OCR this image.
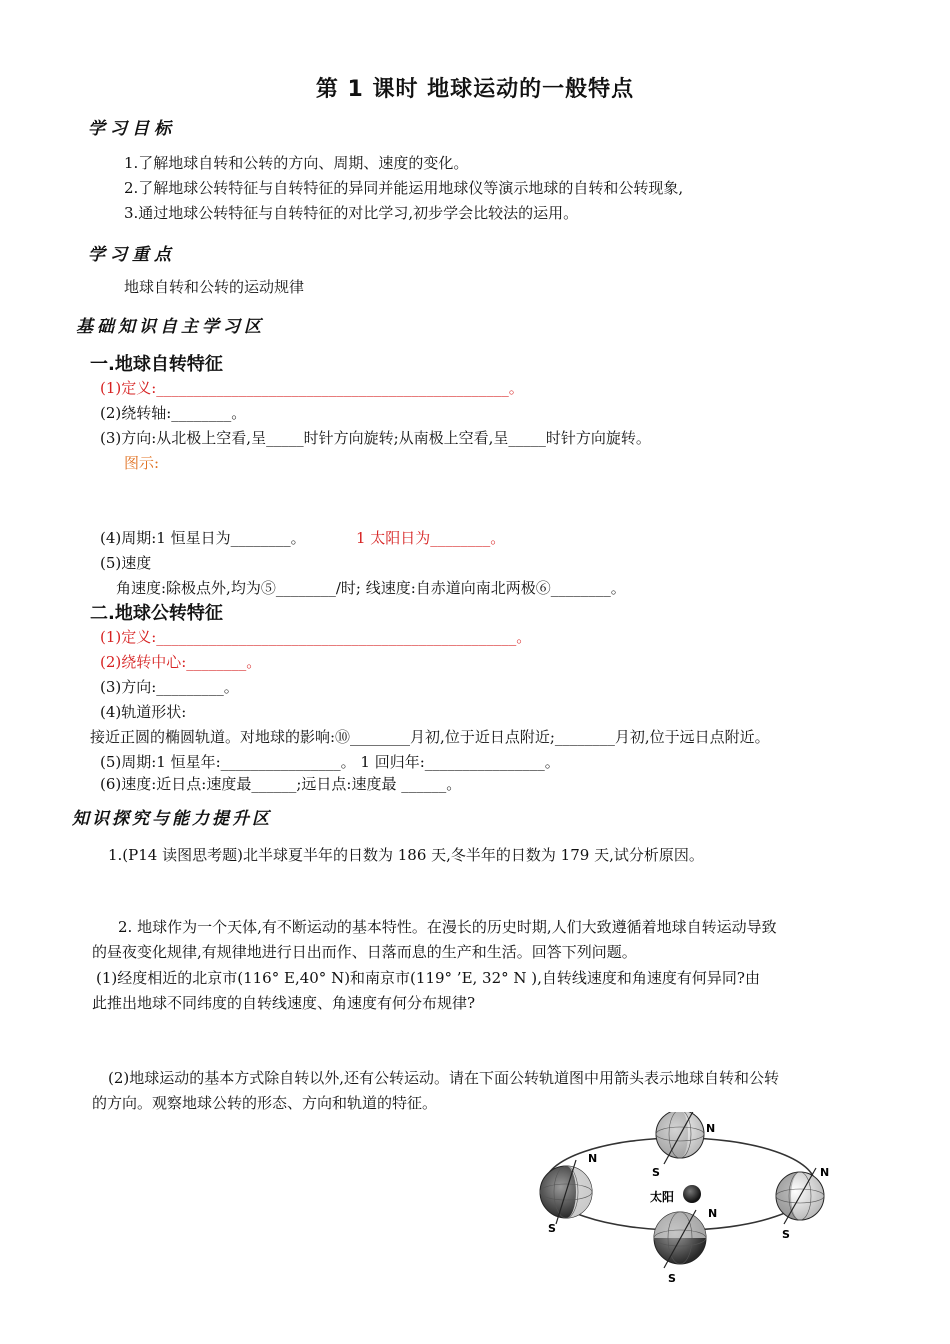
第 1 课时 地球运动的一般特点
学习目标
1.了解地球自转和公转的方向、周期、速度的变化。
2.了解地球公转特征与自转特征的异同并能运用地球仪等演示地球的自转和公转现象,
3.通过地球公转特征与自转特征的对比学习,初步学会比较法的运用。
学习重点
地球自转和公转的运动规律
基础知识自主学习区
一.地球自转特征
(1)定义:_______________________________________________。
(2)绕转轴:________。
(3)方向:从北极上空看,呈_____时针方向旋转;从南极上空看,呈_____时针方向旋转。
图示:
(4)周期:1 恒星日为________。	1 太阳日为________。
(5)速度
角速度:除极点外,均为⑤________/时; 线速度:自赤道向南北两极⑥________。
二.地球公转特征
(1)定义:________________________________________________。
(2)绕转中心:________。
(3)方向:_________。
(4)轨道形状:
接近正圆的椭圆轨道。对地球的影响:⑩________月初,位于近日点附近;________月初,位于远日点附近。
(5)周期:1 恒星年:________________。 1 回归年:________________。
(6)速度:近日点:速度最______;远日点:速度最 ______。
知识探究与能力提升区
1.(P14 读图思考题)北半球夏半年的日数为 186 天,冬半年的日数为 179 天,试分析原因。
2. 地球作为一个天体,有不断运动的基本特性。在漫长的历史时期,人们大致遵循着地球自转运动导致
的昼夜变化规律,有规律地进行日出而作、日落而息的生产和生活。回答下列问题。
(1)经度相近的北京市(116° E,40° N)和南京市(119° ’E, 32° N ),自转线速度和角速度有何异同?由
此推出地球不同纬度的自转线速度、角速度有何分布规律?
(2)地球运动的基本方式除自转以外,还有公转运动。请在下面公转轨道图中用箭头表示地球自转和公转
的方向。观察地球公转的形态、方向和轨道的特征。
太阳
N
S
N
S	N
S
N
S
